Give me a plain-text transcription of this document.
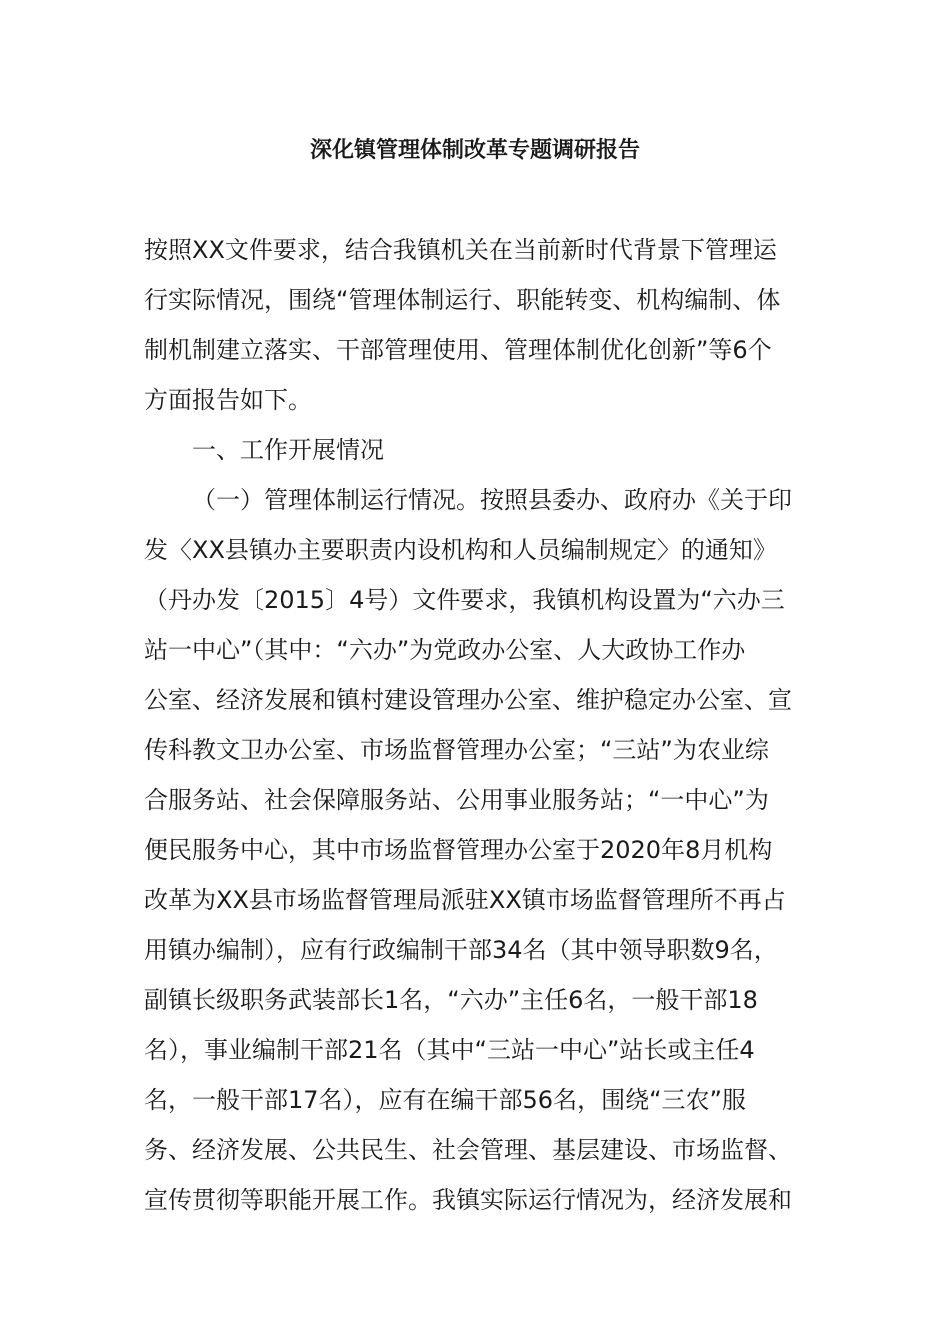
深化镇管理体制改革专题调研报告
按照XX文件要求，结合我镇机关在当前新时代背景下管理运
行实际情况，围绕“管理体制运行、职能转变、机构编制、体
制机制建立落实、干部管理使用、管理体制优化创新”等6个
方面报告如下。
一、工作开展情况
（一）管理体制运行情况。按照县委办、政府办《关于印
发〈XX县镇办主要职责内设机构和人员编制规定〉的通知》
（丹办发〔2015〕4号）文件要求，我镇机构设置为“六办三
站一中心”（其中：“六办”为党政办公室、人大政协工作办
公室、经济发展和镇村建设管理办公室、维护稳定办公室、宣
传科教文卫办公室、市场监督管理办公室；“三站”为农业综
合服务站、社会保障服务站、公用事业服务站；“一中心”为
便民服务中心，其中市场监督管理办公室于2020年8月机构
改革为XX县市场监督管理局派驻XX镇市场监督管理所不再占
用镇办编制），应有行政编制干部34名（其中领导职数9名，
副镇长级职务武装部长1名，“六办”主任6名，一般干部18
名），事业编制干部21名（其中“三站一中心”站长或主任4
名，一般干部17名），应有在编干部56名，围绕“三农”服
务、经济发展、公共民生、社会管理、基层建设、市场监督、
宣传贯彻等职能开展工作。我镇实际运行情况为，经济发展和
